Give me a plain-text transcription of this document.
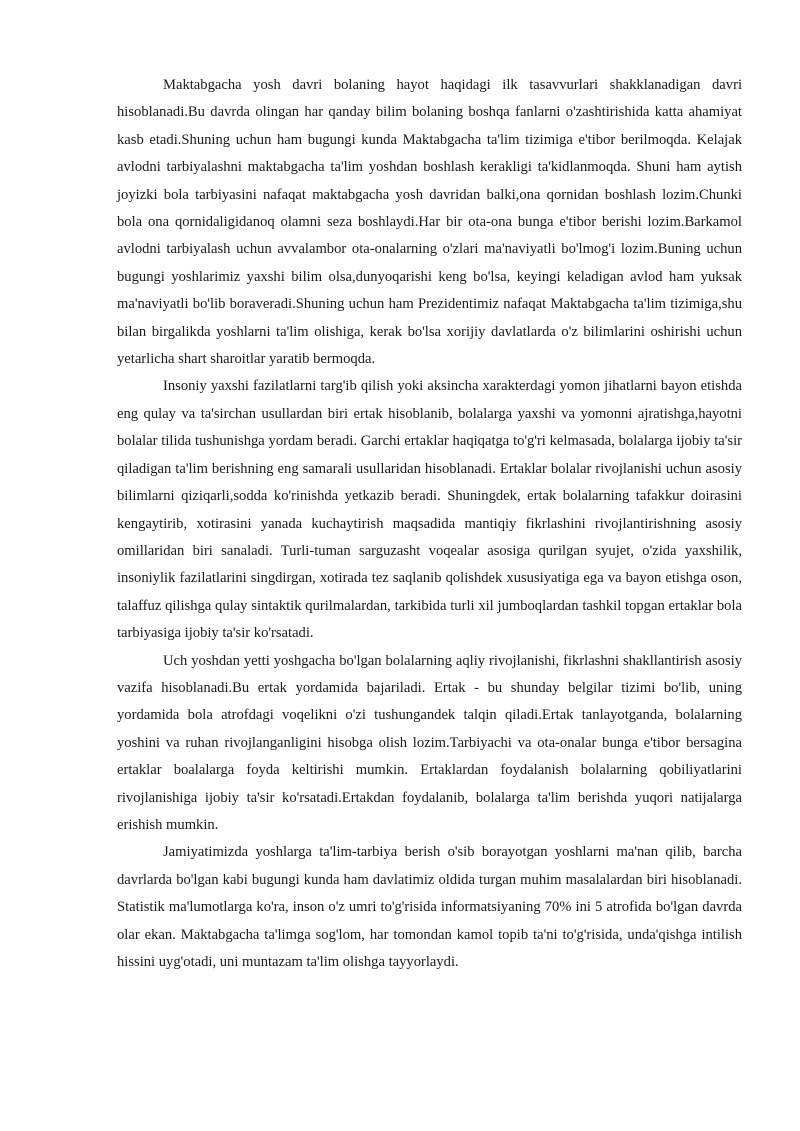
Maktabgacha yosh davri bolaning hayot haqidagi ilk tasavvurlari shakklanadigan davri hisoblanadi.Bu davrda olingan har qanday bilim bolaning boshqa fanlarni o'zashtirishida katta ahamiyat kasb etadi.Shuning uchun ham bugungi kunda Maktabgacha ta'lim tizimiga e'tibor berilmoqda. Kelajak avlodni tarbiyalashni maktabgacha ta'lim yoshdan boshlash kerakligi ta'kidlanmoqda. Shuni ham aytish joyizki bola tarbiyasini nafaqat maktabgacha yosh davridan balki,ona qornidan boshlash lozim.Chunki bola ona qornidaligidanoq olamni seza boshlaydi.Har bir ota-ona bunga e'tibor berishi lozim.Barkamol avlodni tarbiyalash uchun avvalambor ota-onalarning o'zlari ma'naviyatli bo'lmog'i lozim.Buning uchun bugungi yoshlarimiz yaxshi bilim olsa,dunyoqarishi keng bo'lsa, keyingi keladigan avlod ham yuksak ma'naviyatli bo'lib boraveradi.Shuning uchun ham Prezidentimiz nafaqat Maktabgacha ta'lim tizimiga,shu bilan birgalikda yoshlarni ta'lim olishiga, kerak bo'lsa xorijiy davlatlarda o'z bilimlarini oshirishi uchun yetarlicha shart sharoitlar yaratib bermoqda.

Insoniy yaxshi fazilatlarni targ'ib qilish yoki aksincha xarakterdagi yomon jihatlarni bayon etishda eng qulay va ta'sirchan usullardan biri ertak hisoblanib, bolalarga yaxshi va yomonni ajratishga,hayotni bolalar tilida tushunishga yordam beradi. Garchi ertaklar haqiqatga to'g'ri kelmasada, bolalarga ijobiy ta'sir qiladigan ta'lim berishning eng samarali usullaridan hisoblanadi. Ertaklar bolalar rivojlanishi uchun asosiy bilimlarni qiziqarli,sodda ko'rinishda yetkazib beradi. Shuningdek, ertak bolalarning tafakkur doirasini kengaytirib, xotirasini yanada kuchaytirish maqsadida mantiqiy fikrlashini rivojlantirishning asosiy omillaridan biri sanaladi. Turli-tuman sarguzasht voqealar asosiga qurilgan syujet, o'zida yaxshilik, insoniylik fazilatlarini singdirgan, xotirada tez saqlanib qolishdek xususiyatiga ega va bayon etishga oson, talaffuz qilishga qulay sintaktik qurilmalardan, tarkibida turli xil jumboqlardan tashkil topgan ertaklar bola tarbiyasiga ijobiy ta'sir ko'rsatadi.

Uch yoshdan yetti yoshgacha bo'lgan bolalarning aqliy rivojlanishi, fikrlashni shakllantirish asosiy vazifa hisoblanadi.Bu ertak yordamida bajariladi. Ertak - bu shunday belgilar tizimi bo'lib, uning yordamida bola atrofdagi voqelikni o'zi tushungandek talqin qiladi.Ertak tanlayotganda, bolalarning yoshini va ruhan rivojlanganligini hisobga olish lozim.Tarbiyachi va ota-onalar bunga e'tibor bersagina ertaklar boalalarga foyda keltirishi mumkin. Ertaklardan foydalanish bolalarning qobiliyatlarini rivojlanishiga ijobiy ta'sir ko'rsatadi.Ertakdan foydalanib, bolalarga ta'lim berishda yuqori natijalarga erishish mumkin.

Jamiyatimizda yoshlarga ta'lim-tarbiya berish o'sib borayotgan yoshlarni ma'nan qilib, barcha davrlarda bo'lgan kabi bugungi kunda ham davlatimiz oldida turgan muhim masalalardan biri hisoblanadi. Statistik ma'lumotlarga ko'ra, inson o'z umri to'g'risida informatsiyaning 70% ini 5 atrofida bo'lgan davrda olar ekan. Maktabgacha ta'limga sog'lom, har tomondan kamol topib ta'ni to'g'risida, unda'qishga intilish hissini uyg'otadi, uni muntazam ta'lim olishga tayyorlaydi.
